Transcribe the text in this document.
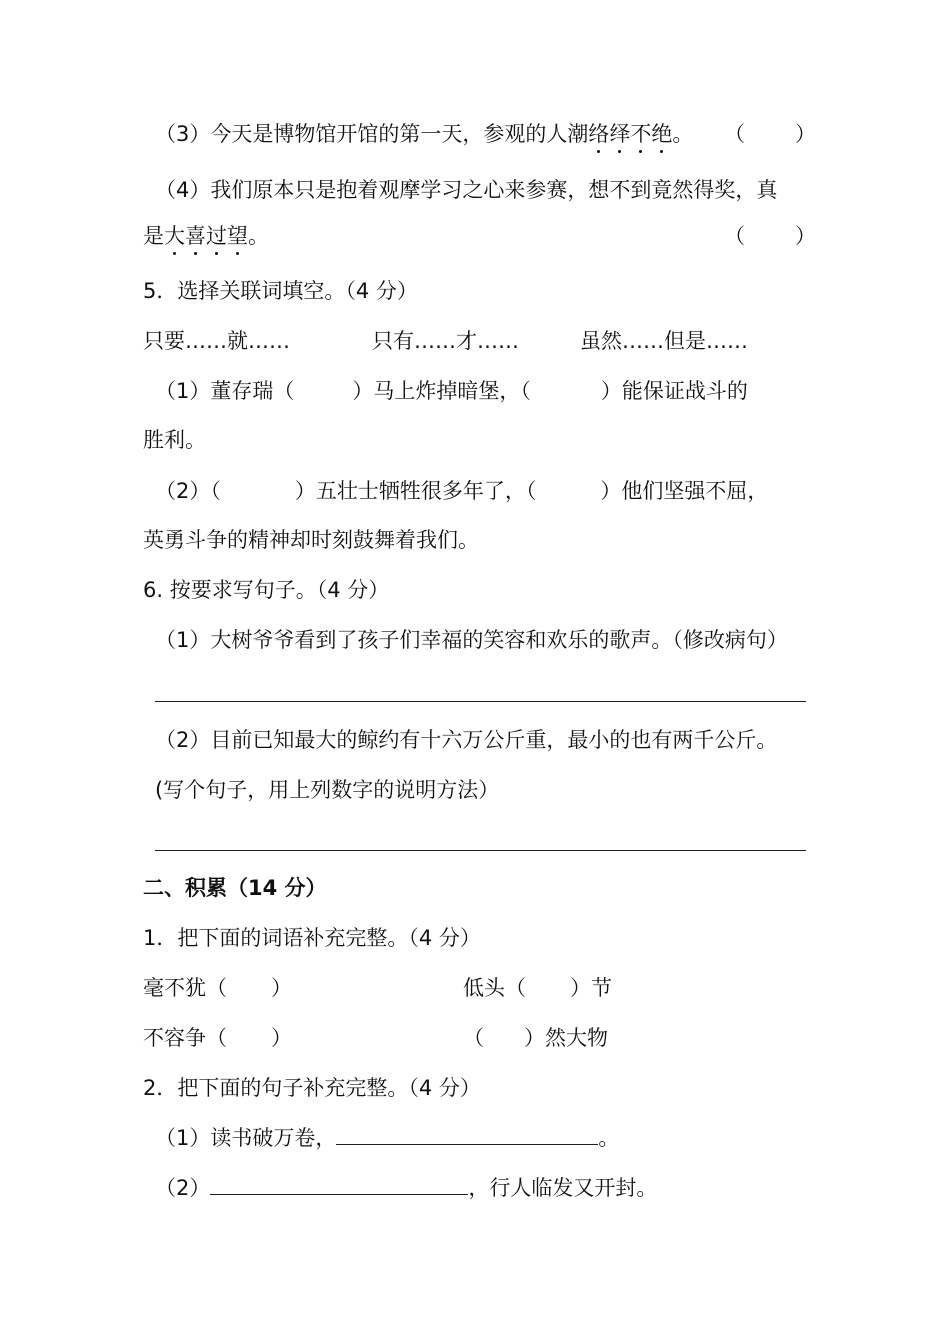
（3）今天是博物馆开馆的第一天，参观的人潮络绎不绝。 （ ）
（4）我们原本只是抱着观摩学习之心来参赛，想不到竟然得奖，真
是大喜过望。	（ ）
5．选择关联词填空。（4 分）
只要……就……	只有……才……	虽然……但是……
（1）董存瑞（	）马上炸掉暗堡，（	）能保证战斗的
胜利。
（2）（	）五壮士牺牲很多年了，（	）他们坚强不屈，
英勇斗争的精神却时刻鼓舞着我们。
6. 按要求写句子。（4 分）
（1）大树爷爷看到了孩子们幸福的笑容和欢乐的歌声。（修改病句）
（2）目前已知最大的鲸约有十六万公斤重，最小的也有两千公斤。
(写个句子，用上列数字的说明方法）
二、积累（14 分）
1．把下面的词语补充完整。（4 分）
毫不犹（ ）	低头（ ）节
不容争（ ）	（ ）然大物
2．把下面的句子补充完整。（4 分）
（1）读书破万卷，	。
（2）	，行人临发又开封。
